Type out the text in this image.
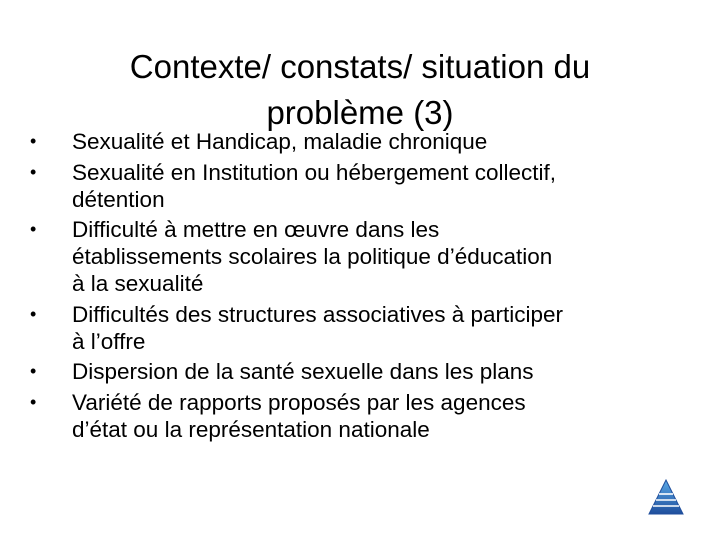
Contexte/ constats/ situation du
problème (3)
• Sexualité et Handicap, maladie chronique
• Sexualité en Institution ou hébergement collectif,
détention
• Difficulté à mettre en œuvre dans les
établissements scolaires la politique d’éducation
à la sexualité
• Difficultés des structures associatives à participer
à l’offre
• Dispersion de la santé sexuelle dans les plans
• Variété de rapports proposés par les agences
d’état ou la représentation nationale
